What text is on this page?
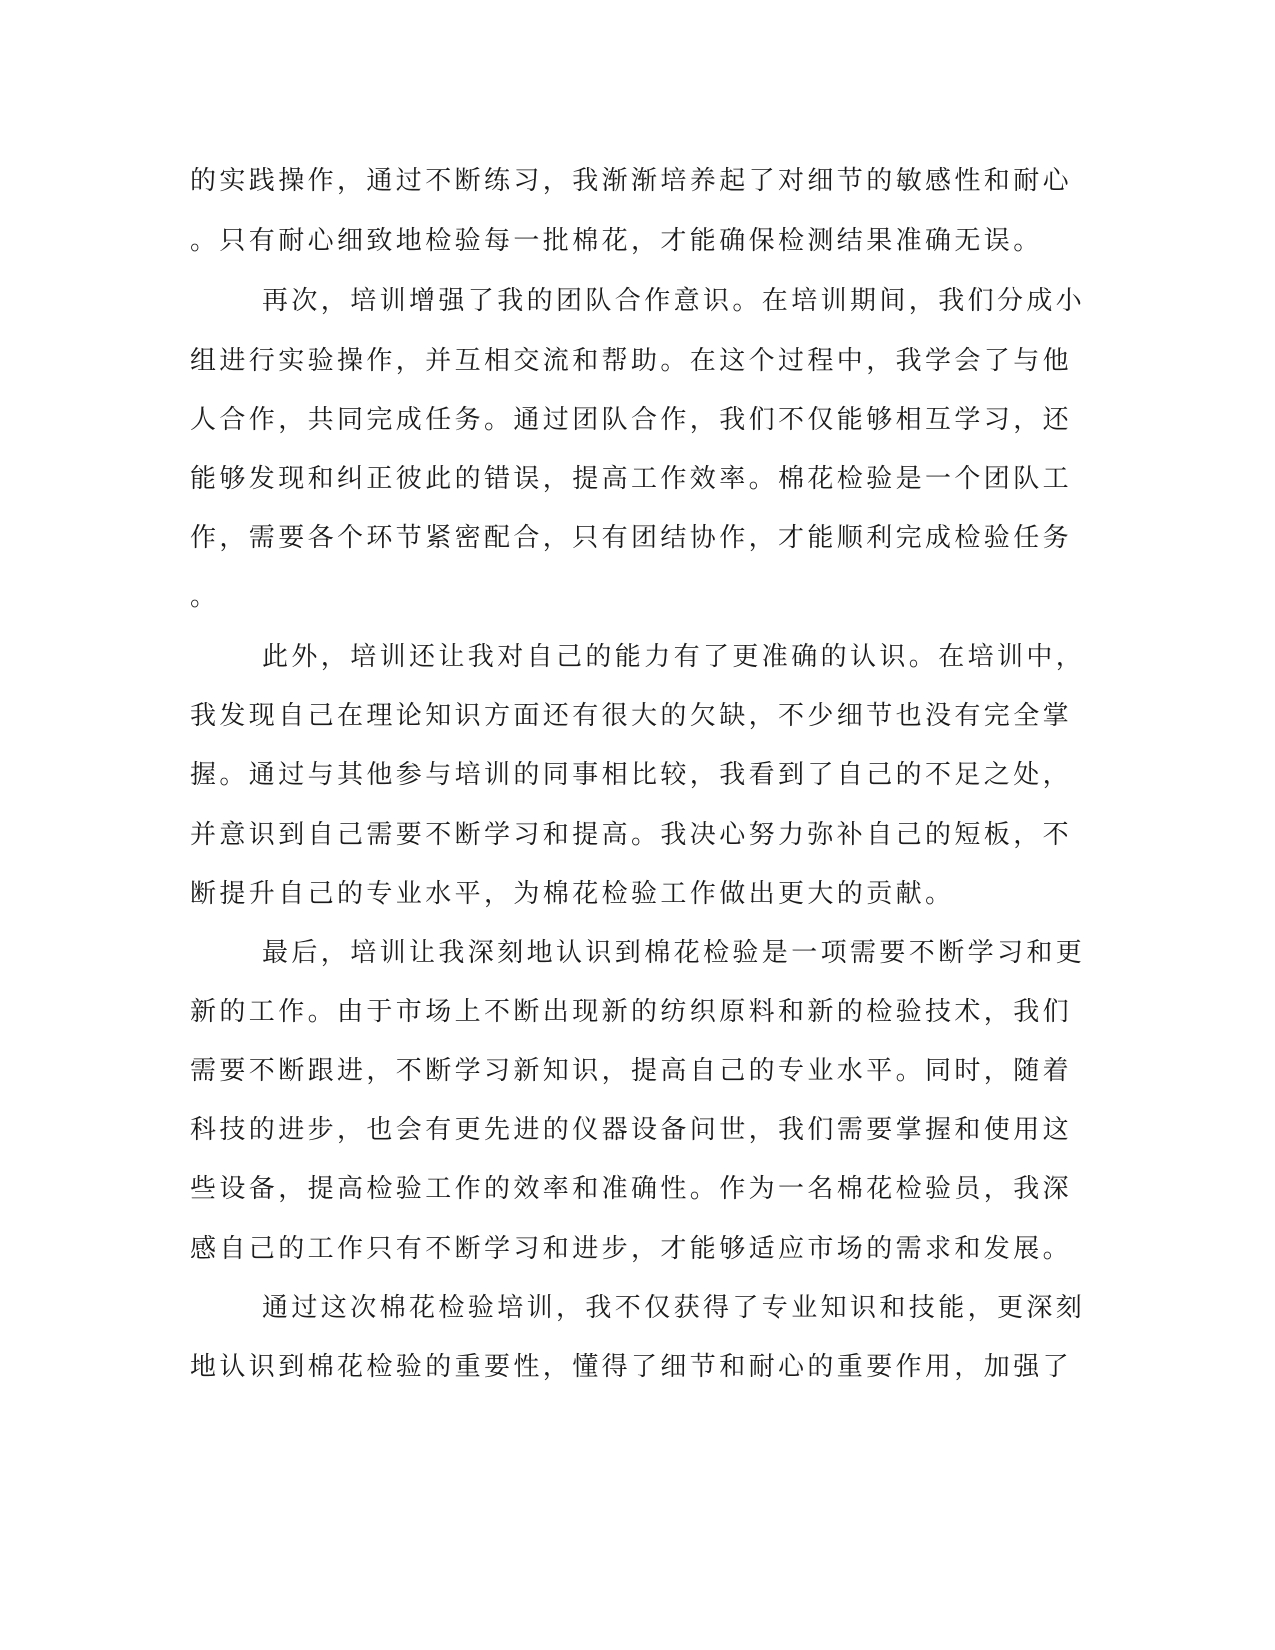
的实践操作，通过不断练习，我渐渐培养起了对细节的敏感性和耐心
。只有耐心细致地检验每一批棉花，才能确保检测结果准确无误。
再次，培训增强了我的团队合作意识。在培训期间，我们分成小
组进行实验操作，并互相交流和帮助。在这个过程中，我学会了与他
人合作，共同完成任务。通过团队合作，我们不仅能够相互学习，还
能够发现和纠正彼此的错误，提高工作效率。棉花检验是一个团队工
作，需要各个环节紧密配合，只有团结协作，才能顺利完成检验任务
。
此外，培训还让我对自己的能力有了更准确的认识。在培训中，
我发现自己在理论知识方面还有很大的欠缺，不少细节也没有完全掌
握。通过与其他参与培训的同事相比较，我看到了自己的不足之处，
并意识到自己需要不断学习和提高。我决心努力弥补自己的短板，不
断提升自己的专业水平，为棉花检验工作做出更大的贡献。
最后，培训让我深刻地认识到棉花检验是一项需要不断学习和更
新的工作。由于市场上不断出现新的纺织原料和新的检验技术，我们
需要不断跟进，不断学习新知识，提高自己的专业水平。同时，随着
科技的进步，也会有更先进的仪器设备问世，我们需要掌握和使用这
些设备，提高检验工作的效率和准确性。作为一名棉花检验员，我深
感自己的工作只有不断学习和进步，才能够适应市场的需求和发展。
通过这次棉花检验培训，我不仅获得了专业知识和技能，更深刻
地认识到棉花检验的重要性，懂得了细节和耐心的重要作用，加强了
